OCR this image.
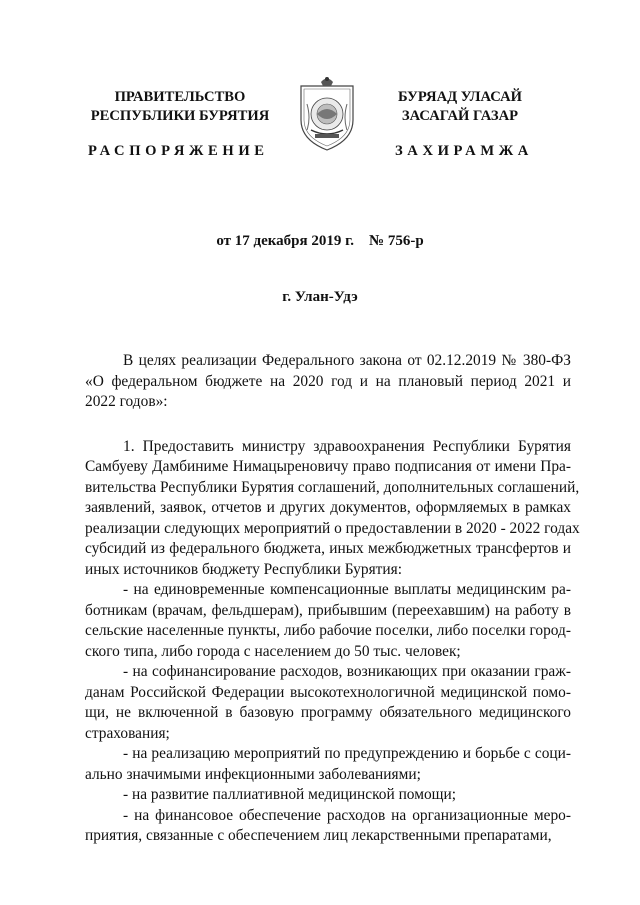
ПРАВИТЕЛЬСТВО
РЕСПУБЛИКИ БУРЯТИЯ
БУРЯАД УЛАСАЙ
ЗАСАГАЙ ГАЗАР
РАСПОРЯЖЕНИЕ	ЗАХИРАМЖА
от 17 декабря 2019 г. № 756-р
г. Улан-Удэ
В целях реализации Федерального закона от 02.12.2019 № 380-ФЗ
«О федеральном бюджете на 2020 год и на плановый период 2021 и
2022 годов»:
1. Предоставить министру здравоохранения Республики Бурятия
Самбуеву Дамбиниме Нимацыреновичу право подписания от имени Пра-
вительства Республики Бурятия соглашений, дополнительных соглашений,
заявлений, заявок, отчетов и других документов, оформляемых в рамках
реализации следующих мероприятий о предоставлении в 2020 - 2022 годах
субсидий из федерального бюджета, иных межбюджетных трансфертов и
иных источников бюджету Республики Бурятия:
- на единовременные компенсационные выплаты медицинским ра-
ботникам (врачам, фельдшерам), прибывшим (переехавшим) на работу в
сельские населенные пункты, либо рабочие поселки, либо поселки город-
ского типа, либо города с населением до 50 тыс. человек;
- на софинансирование расходов, возникающих при оказании граж-
данам Российской Федерации высокотехнологичной медицинской помо-
щи, не включенной в базовую программу обязательного медицинского
страхования;
- на реализацию мероприятий по предупреждению и борьбе с соци-
ально значимыми инфекционными заболеваниями;
- на развитие паллиативной медицинской помощи;
- на финансовое обеспечение расходов на организационные меро-
приятия, связанные с обеспечением лиц лекарственными препаратами,
